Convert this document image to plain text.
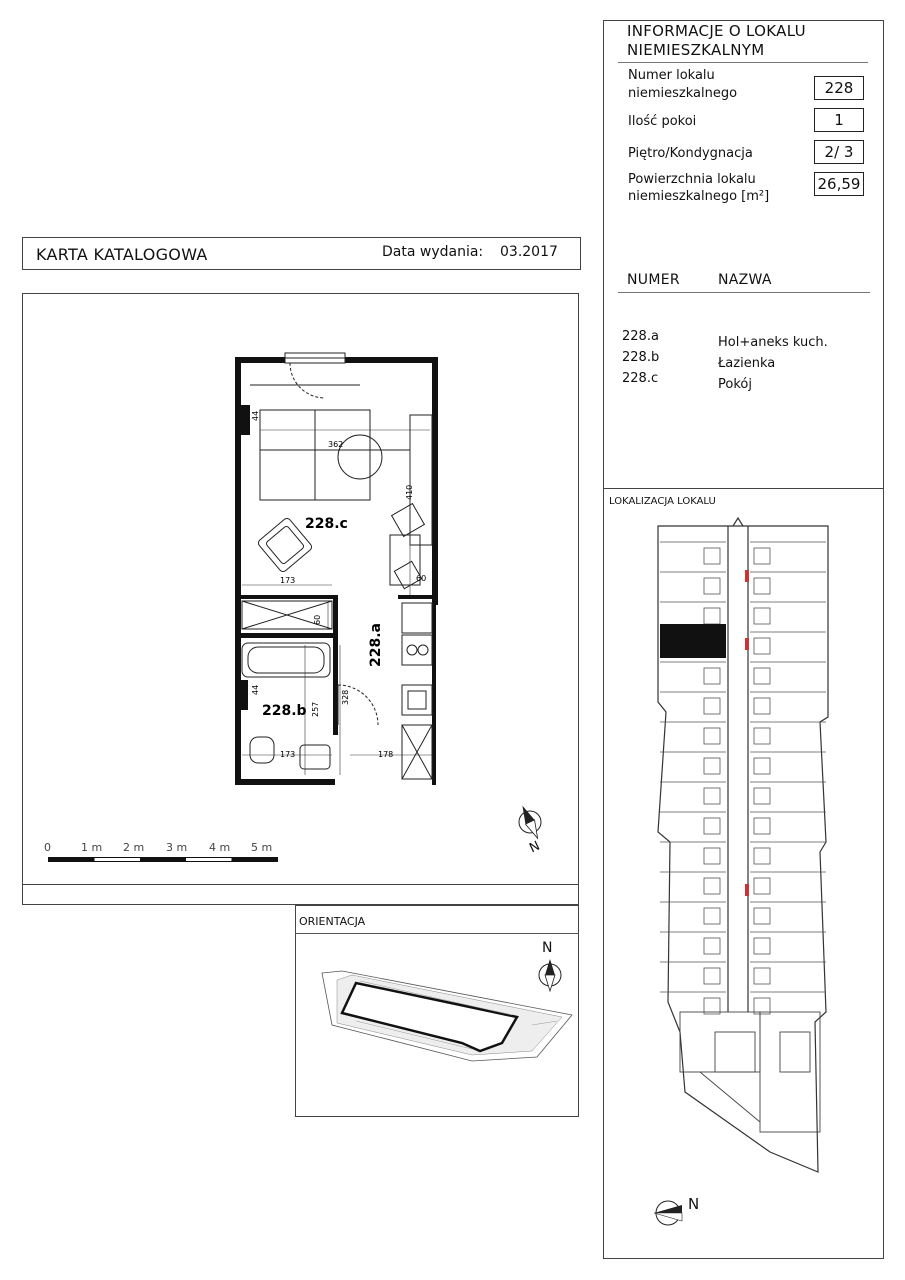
INFORMACJE O LOKALU
NIEMIESZKALNYM
Numer lokalu
niemieszkalnego	228
Ilość pokoi	1
Piętro/Kondygnacja	2/ 3
Powierzchnia lokalu
niemieszkalnego [m²]
26,59
NUMER	NAZWA
228.a	Hol+aneks kuch.
228.b	Łazienka
228.c	Pokój
LOKALIZACJA LOKALU
N
KARTA KATALOGOWA	Data wydania: 03.2017
228.c
228.a
228.b
362
410
173
60
60
44
328
257
173	178
44
0	1 m 2 m 3 m 4 m 5 m	N
ORIENTACJA
N
